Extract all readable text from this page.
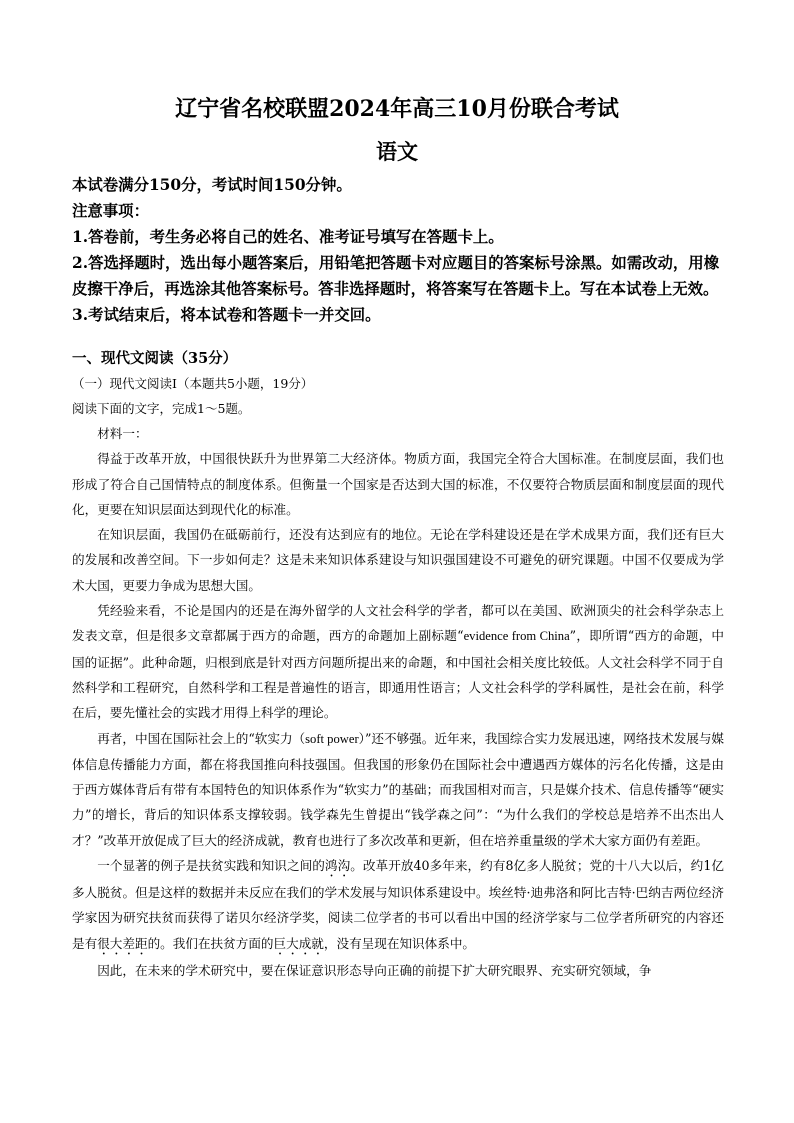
辽宁省名校联盟2024年高三10月份联合考试
语文

本试卷满分150分，考试时间150分钟。

注意事项：

1.答卷前，考生务必将自己的姓名、准考证号填写在答题卡上。

2.答选择题时，选出每小题答案后，用铅笔把答题卡对应题目的答案标号涂黑。如需改动，用橡皮擦干净后，再选涂其他答案标号。答非选择题时，将答案写在答题卡上。写在本试卷上无效。

3.考试结束后，将本试卷和答题卡一并交回。

一、现代文阅读（35分）
（一）现代文阅读Ⅰ（本题共5小题，19分）
阅读下面的文字，完成1～5题。

材料一：

得益于改革开放，中国很快跃升为世界第二大经济体。物质方面，我国完全符合大国标准。在制度层面，我们也形成了符合自己国情特点的制度体系。但衡量一个国家是否达到大国的标准，不仅要符合物质层面和制度层面的现代化，更要在知识层面达到现代化的标准。

在知识层面，我国仍在砥砺前行，还没有达到应有的地位。无论在学科建设还是在学术成果方面，我们还有巨大的发展和改善空间。下一步如何走？这是未来知识体系建设与知识强国建设不可避免的研究课题。中国不仅要成为学术大国，更要力争成为思想大国。

凭经验来看，不论是国内的还是在海外留学的人文社会科学的学者，都可以在美国、欧洲顶尖的社会科学杂志上发表文章，但是很多文章都属于西方的命题，西方的命题加上副标题“evidence from China”，即所谓“西方的命题，中国的证据”。此种命题，归根到底是针对西方问题所提出来的命题，和中国社会相关度比较低。人文社会科学不同于自然科学和工程研究，自然科学和工程是普遍性的语言，即通用性语言；人文社会科学的学科属性，是社会在前，科学在后，要先懂社会的实践才用得上科学的理论。

再者，中国在国际社会上的“软实力（soft power）”还不够强。近年来，我国综合实力发展迅速，网络技术发展与媒体信息传播能力方面，都在将我国推向科技强国。但我国的形象仍在国际社会中遭遇西方媒体的污名化传播，这是由于西方媒体背后有带有本国特色的知识体系作为“软实力”的基础；而我国相对而言，只是媒介技术、信息传播等“硬实力”的增长，背后的知识体系支撑较弱。钱学森先生曾提出“钱学森之问”：“为什么我们的学校总是培养不出杰出人才？”改革开放促成了巨大的经济成就，教育也进行了多次改革和更新，但在培养重量级的学术大家方面仍有差距。

一个显著的例子是扶贫实践和知识之间的鸿沟。改革开放40多年来，约有8亿多人脱贫；党的十八大以后，约1亿多人脱贫。但是这样的数据并未反应在我们的学术发展与知识体系建设中。埃丝特·迪弗洛和阿比吉特·巴纳吉两位经济学家因为研究扶贫而获得了诺贝尔经济学奖，阅读二位学者的书可以看出中国的经济学家与二位学者所研究的内容还是有很大差距的。我们在扶贫方面的巨大成就，没有呈现在知识体系中。

因此，在未来的学术研究中，要在保证意识形态导向正确的前提下扩大研究眼界、充实研究领域，争
